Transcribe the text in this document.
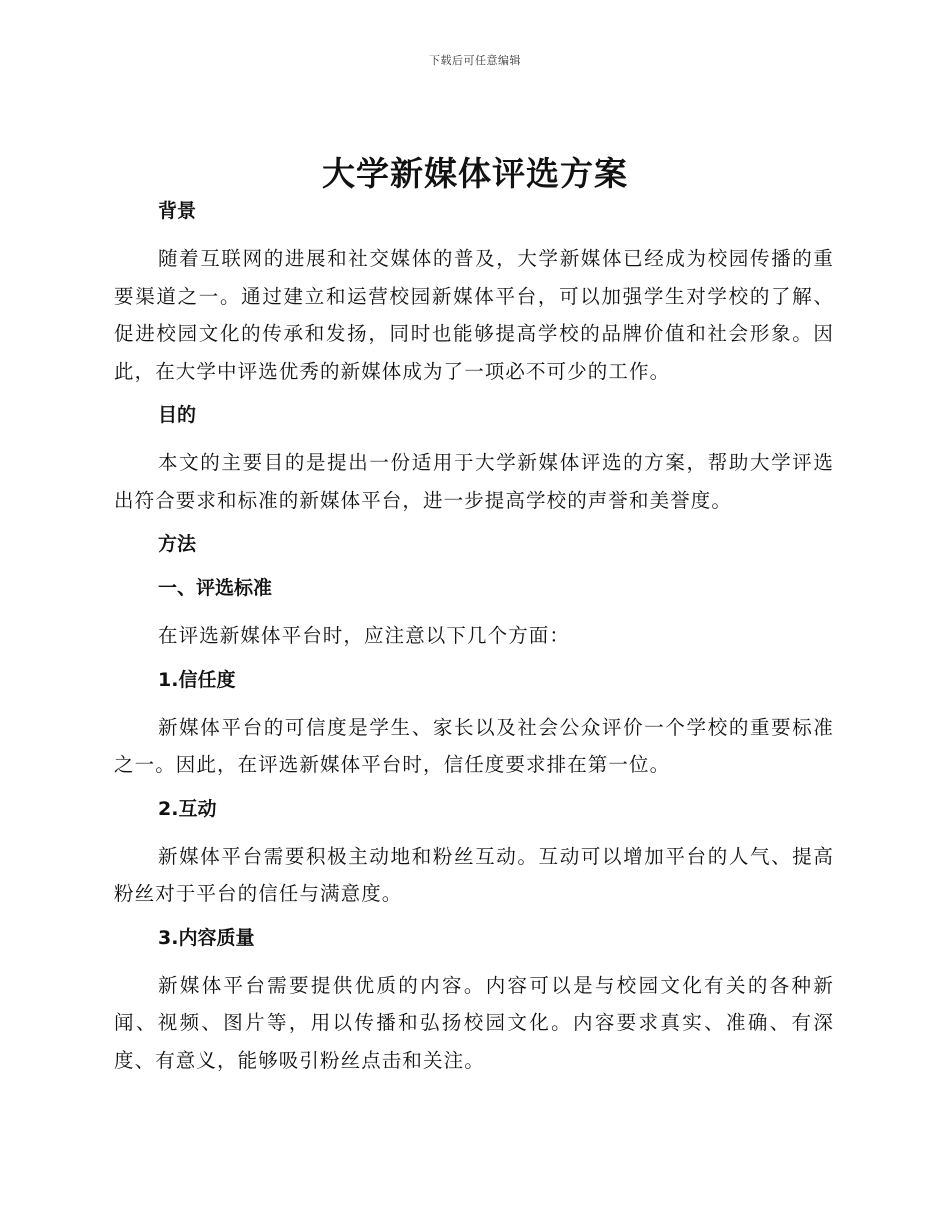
下载后可任意编辑
大学新媒体评选方案

背景

随着互联网的进展和社交媒体的普及，大学新媒体已经成为校园传播的重要渠道之一。通过建立和运营校园新媒体平台，可以加强学生对学校的了解、促进校园文化的传承和发扬，同时也能够提高学校的品牌价值和社会形象。因此，在大学中评选优秀的新媒体成为了一项必不可少的工作。

目的

本文的主要目的是提出一份适用于大学新媒体评选的方案，帮助大学评选出符合要求和标准的新媒体平台，进一步提高学校的声誉和美誉度。

方法

一、评选标准

在评选新媒体平台时，应注意以下几个方面：

1.信任度

新媒体平台的可信度是学生、家长以及社会公众评价一个学校的重要标准之一。因此，在评选新媒体平台时，信任度要求排在第一位。

2.互动

新媒体平台需要积极主动地和粉丝互动。互动可以增加平台的人气、提高粉丝对于平台的信任与满意度。

3.内容质量

新媒体平台需要提供优质的内容。内容可以是与校园文化有关的各种新闻、视频、图片等，用以传播和弘扬校园文化。内容要求真实、准确、有深度、有意义，能够吸引粉丝点击和关注。
